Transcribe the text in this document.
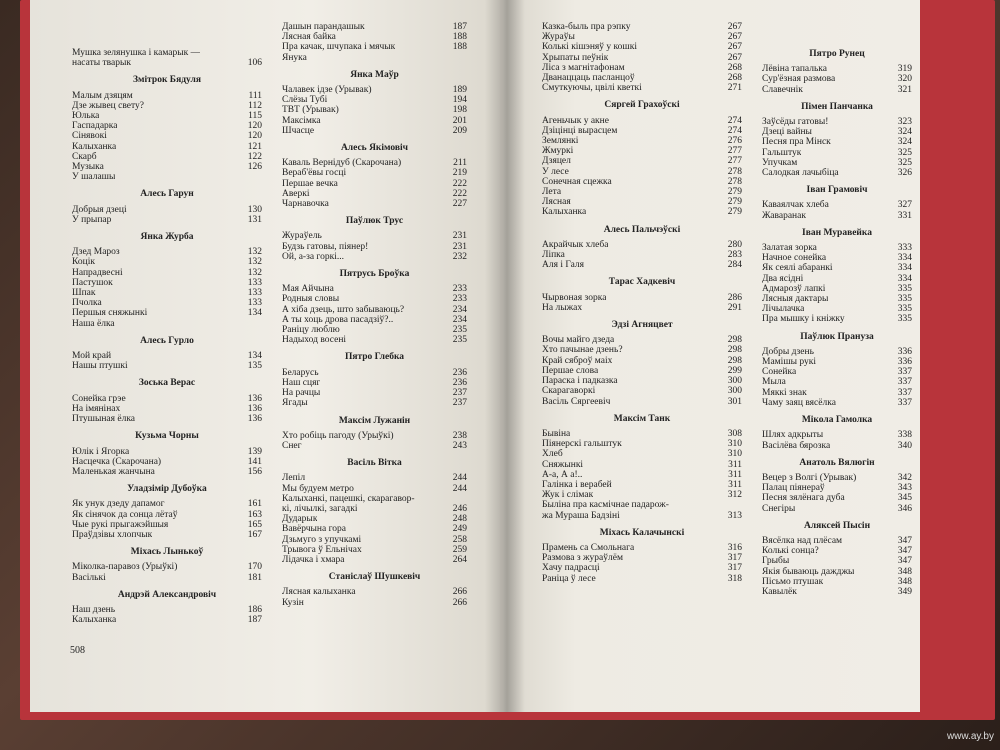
Мушка зелянушка і камарык —
насаты тварык	106
Змітрок Бядуля
Малым дзяцям	111
Дзе жывец свету?	112
Юлька	115
Гаспадарка	120
Сінявокі	120
Калыханка	121
Скарб	122
Музыка	126
У шалашы
Алесь Гарун
Добрыя дзеці	130
У прыпар	131
Янка Журба
Дзед Мароз	132
Коцік	132
Напрадвесні	132
Пастушок	133
Шпак	133
Пчолка	133
Першыя сняжынкі	134
Наша ёлка
Алесь Гурло
Мой край	134
Нашы птушкі	135
Зоська Верас
Сонейка грэе	136
На імянінах	136
Птушыная ёлка	136
Кузьма Чорны
Юлік і Ягорка	139
Насцечка (Скарочана)	141
Маленькая жанчына	156
Уладзімір Дубоўка
Як унук дзеду дапамог	161
Як сінячок да сонца лётаў	163
Чые рукі прыгажэйшыя	165
Праўдзівы хлопчык	167
Міхась Лынькоў
Міколка-паравоз (Урыўкі)	170
Васількі	181
Андрэй Александровіч
Наш дзень	186
Калыханка	187
Дашын парандашык	187
Лясная байка	188
Пра качак, шчупака і мячык	188
Янука
Янка Маўр
Чалавек ідзе (Урывак)	189
Слёзы Тубі	194
ТВТ (Урывак)	198
Максімка	201
Шчасце	209
Алесь Якімовіч
Каваль Вернідуб (Скарочана)	211
Вераб'ёвы госці	219
Першае вечка	222
Аверкі	222
Чарнавочка	227
Паўлюк Трус
Жураўель	231
Будзь гатовы, піянер!	231
Ой, а-за горкі...	232
Пятрусь Броўка
Мая Айчына	233
Родныя словы	233
А хіба дзець, што забываюць?	234
А ты хоць дрова пасадзіў?..	234
Раніцу люблю	235
Надыход восені	235
Пятро Глебка
Беларусь	236
Наш сцяг	236
На рачцы	237
Ягады	237
Максім Лужанін
Хто робіць пагоду (Урыўкі)	238
Снег	243
Васіль Вітка
Лепіл	244
Мы будуем метро	244
Калыханкі, пацешкі, скарагавор-
кі, лічылкі, загадкі	246
Дударык	248
Вавёрчына гора	249
Дзьмуго з упучкамі	258
Трывога ў Ельнічах	259
Лідачка і хмара	264
Станіслаў Шушкевіч
Лясная калыханка	266
Кузін	266
Казка-быль пра рэпку	267
Жураўы	267
Колькі кішэняў у кошкі	267
Хрыпаты пеўнік	267
Ліса з магнітафонам	268
Дванаццаць пасланцоў	268
Смуткуючы, цвілі кветкі	271
Сяргей Грахоўскі
Агеньчык у акне	274
Дзіцінці вырасцем	274
Землянкі	276
Жмуркі	277
Дзяцел	277
У лесе	278
Сонечная сцежка	278
Лета	279
Лясная	279
Калыханка	279
Алесь Пальчэўскі
Акрайчык хлеба	280
Ліпка	283
Аля і Галя	284
Тарас Хадкевіч
Чырвоная зорка	286
На лыжах	291
Эдзі Агняцвет
Вочы майго дзеда	298
Хто пачынае дзень?	298
Край сяброў маіх	298
Першае слова	299
Параска і падказка	300
Скарагаворкі	300
Васіль Сяргеевіч	301
Максім Танк
Бывіна	308
Піянерскі гальштук	310
Хлеб	310
Сняжынкі	311
А-а, А а!..	311
Галінка і верабей	311
Жук і слімак	312
Быліна пра касмічнае падарож-
жа Мураша Бадзіні	313
Міхась Калачынскі
Прамень са Смольнага	316
Размова з жураўлём	317
Хачу падрасці	317
Раніца ў лесе	318
Пятро Рунец
Лёвіна тапалька	319
Сур'ёзная размова	320
Славечнік	321
Пімен Панчанка
Заўсёды гатовы!	323
Дзеці вайны	324
Песня пра Мінск	324
Гальштук	325
Упучкам	325
Салодкая лачыбіца	326
Іван Грамовіч
Каваялчак хлеба	327
Жаваранак	331
Іван Муравейка
Залатая зорка	333
Начное сонейка	334
Як сеялі абаранкі	334
Два ясідні	334
Адмарозў лапкі	335
Лясныя дактары	335
Лічылачка	335
Пра мышку і кніжку	335
Паўлюк Прануза
Добры дзень	336
Мамішы рукі	336
Сонейка	337
Мыла	337
Мяккі знак	337
Чаму заяц вясёлка	337
Мікола Гамолка
Шлях адкрыты	338
Васілёва бярозка	340
Анатоль Вялюгін
Вецер з Волгі (Урывак)	342
Палац піянераў	343
Песня зялёнага дуба	345
Снегіры	346
Аляксей Пысін
Вясёлка над плёсам	347
Колькі сонца?	347
Грыбы	347
Якія бываюць дажджы	348
Пісьмо птушак	348
Кавылёк	349
508
www.ay.by
